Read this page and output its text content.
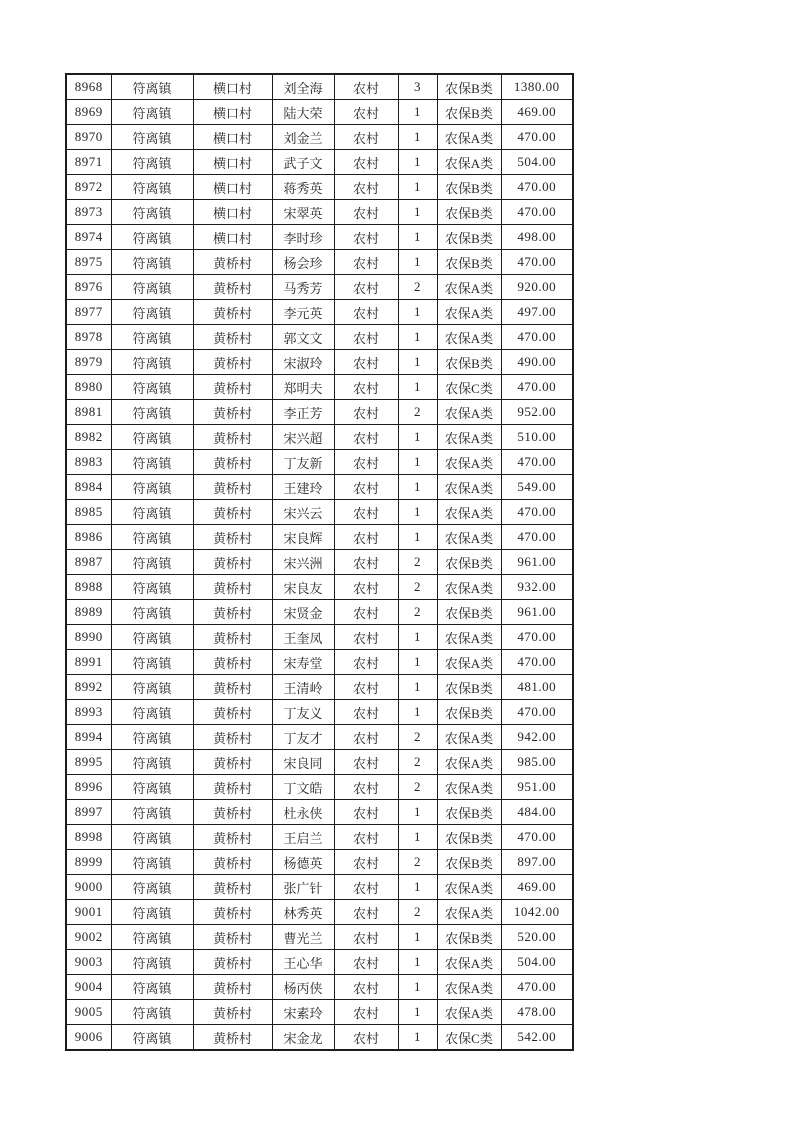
8968	符离镇	横口村	刘全海	农村	3	农保B类	1380.00
8969	符离镇	横口村	陆大荣	农村	1	农保B类	469.00
8970	符离镇	横口村	刘金兰	农村	1	农保A类	470.00
8971	符离镇	横口村	武子文	农村	1	农保A类	504.00
8972	符离镇	横口村	蒋秀英	农村	1	农保B类	470.00
8973	符离镇	横口村	宋翠英	农村	1	农保B类	470.00
8974	符离镇	横口村	李时珍	农村	1	农保B类	498.00
8975	符离镇	黄桥村	杨会珍	农村	1	农保B类	470.00
8976	符离镇	黄桥村	马秀芳	农村	2	农保A类	920.00
8977	符离镇	黄桥村	李元英	农村	1	农保A类	497.00
8978	符离镇	黄桥村	郭文文	农村	1	农保A类	470.00
8979	符离镇	黄桥村	宋淑玲	农村	1	农保B类	490.00
8980	符离镇	黄桥村	郑明夫	农村	1	农保C类	470.00
8981	符离镇	黄桥村	李正芳	农村	2	农保A类	952.00
8982	符离镇	黄桥村	宋兴超	农村	1	农保A类	510.00
8983	符离镇	黄桥村	丁友新	农村	1	农保A类	470.00
8984	符离镇	黄桥村	王建玲	农村	1	农保A类	549.00
8985	符离镇	黄桥村	宋兴云	农村	1	农保A类	470.00
8986	符离镇	黄桥村	宋良辉	农村	1	农保A类	470.00
8987	符离镇	黄桥村	宋兴洲	农村	2	农保B类	961.00
8988	符离镇	黄桥村	宋良友	农村	2	农保A类	932.00
8989	符离镇	黄桥村	宋贤金	农村	2	农保B类	961.00
8990	符离镇	黄桥村	王奎凤	农村	1	农保A类	470.00
8991	符离镇	黄桥村	宋寿堂	农村	1	农保A类	470.00
8992	符离镇	黄桥村	王清岭	农村	1	农保B类	481.00
8993	符离镇	黄桥村	丁友义	农村	1	农保B类	470.00
8994	符离镇	黄桥村	丁友才	农村	2	农保A类	942.00
8995	符离镇	黄桥村	宋良同	农村	2	农保A类	985.00
8996	符离镇	黄桥村	丁文皓	农村	2	农保A类	951.00
8997	符离镇	黄桥村	杜永侠	农村	1	农保B类	484.00
8998	符离镇	黄桥村	王启兰	农村	1	农保B类	470.00
8999	符离镇	黄桥村	杨德英	农村	2	农保B类	897.00
9000	符离镇	黄桥村	张广针	农村	1	农保A类	469.00
9001	符离镇	黄桥村	林秀英	农村	2	农保A类	1042.00
9002	符离镇	黄桥村	曹光兰	农村	1	农保B类	520.00
9003	符离镇	黄桥村	王心华	农村	1	农保A类	504.00
9004	符离镇	黄桥村	杨丙侠	农村	1	农保A类	470.00
9005	符离镇	黄桥村	宋素玲	农村	1	农保A类	478.00
9006	符离镇	黄桥村	宋金龙	农村	1	农保C类	542.00
